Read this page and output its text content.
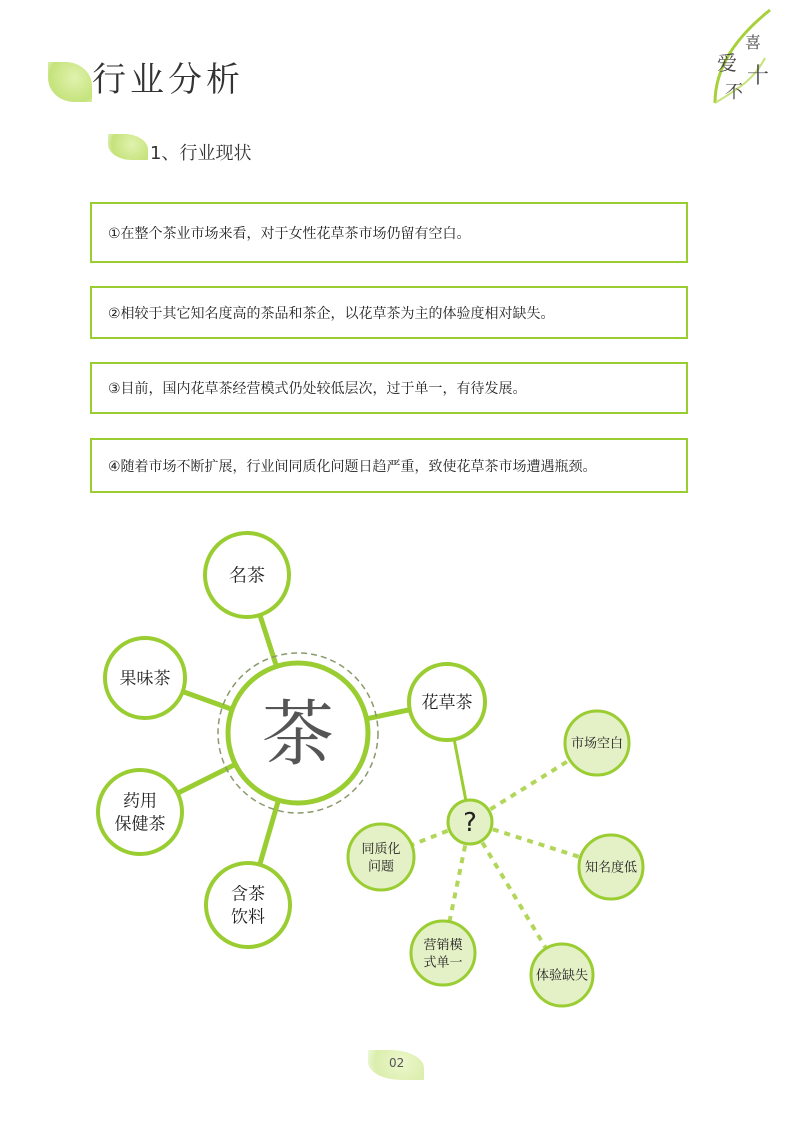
行业分析	爱
喜
不
十
1、行业现状
①在整个茶业市场来看，对于女性花草茶市场仍留有空白。
②相较于其它知名度高的茶品和茶企，以花草茶为主的体验度相对缺失。
③目前，国内花草茶经营模式仍处较低层次，过于单一，有待发展。
④随着市场不断扩展，行业间同质化问题日趋严重，致使花草茶市场遭遇瓶颈。
茶
名茶
果味茶
药用
保健茶
含茶
饮料
花草茶
市场空白
知名度低
同质化
问题
营销模
式单一
体验缺失
?
02
